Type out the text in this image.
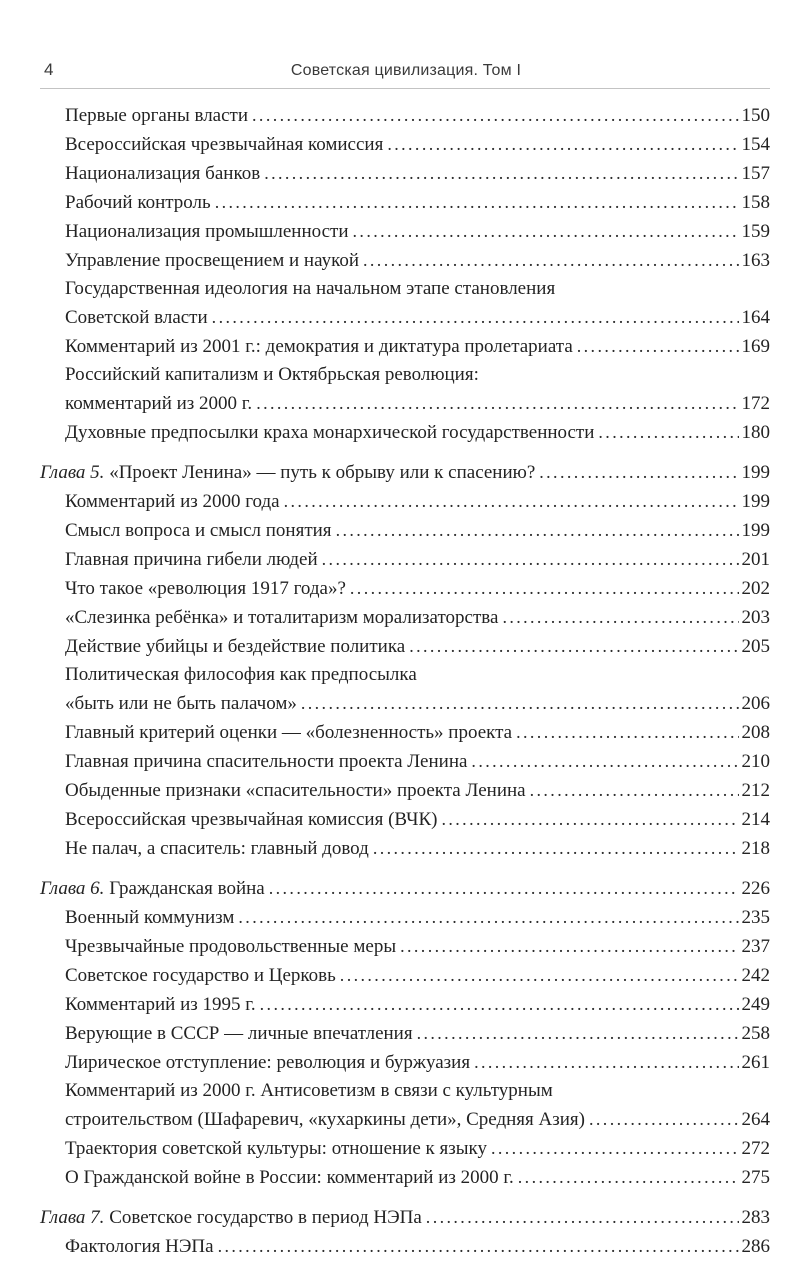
4	Советская цивилизация. Том I
Первые органы власти .....	150
Всероссийская чрезвычайная комиссия .....	154
Национализация банков .....	157
Рабочий контроль .....	158
Национализация промышленности .....	159
Управление просвещением и наукой .....	163
Государственная идеология на начальном этапе становления
Советской власти .....	164
Комментарий из 2001 г.: демократия и диктатура пролетариата .....	169
Российский капитализм и Октябрьская революция:
комментарий из 2000 г. .....	172
Духовные предпосылки краха монархической государственности .....	180
Глава 5. «Проект Ленина» — путь к обрыву или к спасению? .....	199
Комментарий из 2000 года .....	199
Смысл вопроса и смысл понятия .....	199
Главная причина гибели людей .....	201
Что такое «революция 1917 года»? .....	202
«Слезинка ребёнка» и тоталитаризм морализаторства .....	203
Действие убийцы и бездействие политика .....	205
Политическая философия как предпосылка
«быть или не быть палачом» .....	206
Главный критерий оценки — «болезненность» проекта .....	208
Главная причина спасительности проекта Ленина .....	210
Обыденные признаки «спасительности» проекта Ленина .....	212
Всероссийская чрезвычайная комиссия (ВЧК) .....	214
Не палач, а спаситель: главный довод .....	218
Глава 6. Гражданская война .....	226
Военный коммунизм .....	235
Чрезвычайные продовольственные меры .....	237
Советское государство и Церковь .....	242
Комментарий из 1995 г. .....	249
Верующие в СССР — личные впечатления .....	258
Лирическое отступление: революция и буржуазия .....	261
Комментарий из 2000 г. Антисоветизм в связи с культурным
строительством (Шафаревич, «кухаркины дети», Средняя Азия) .....	264
Траектория советской культуры: отношение к языку .....	272
О Гражданской войне в России: комментарий из 2000 г. .....	275
Глава 7. Советское государство в период НЭПа .....	283
Фактология НЭПа .....	286
